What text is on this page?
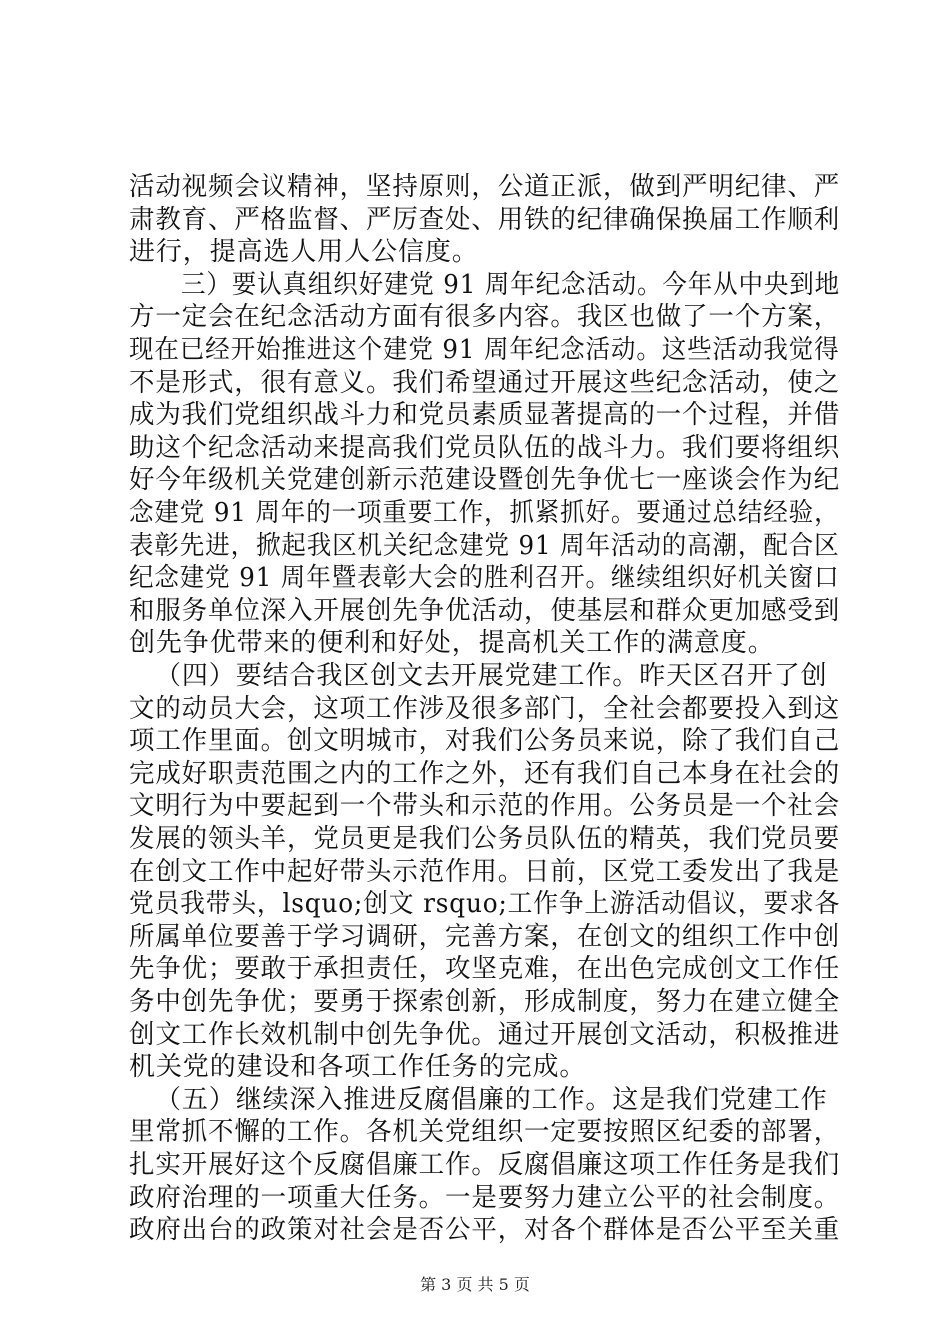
活动视频会议精神，坚持原则，公道正派，做到严明纪律、严
肃教育、严格监督、严厉查处、用铁的纪律确保换届工作顺利
进行，提高选人用人公信度。
三）要认真组织好建党 91 周年纪念活动。今年从中央到地
方一定会在纪念活动方面有很多内容。我区也做了一个方案，
现在已经开始推进这个建党 91 周年纪念活动。这些活动我觉得
不是形式，很有意义。我们希望通过开展这些纪念活动，使之
成为我们党组织战斗力和党员素质显著提高的一个过程，并借
助这个纪念活动来提高我们党员队伍的战斗力。我们要将组织
好今年级机关党建创新示范建设暨创先争优七一座谈会作为纪
念建党 91 周年的一项重要工作，抓紧抓好。要通过总结经验，
表彰先进，掀起我区机关纪念建党 91 周年活动的高潮，配合区
纪念建党 91 周年暨表彰大会的胜利召开。继续组织好机关窗口
和服务单位深入开展创先争优活动，使基层和群众更加感受到
创先争优带来的便利和好处，提高机关工作的满意度。
（四）要结合我区创文去开展党建工作。昨天区召开了创
文的动员大会，这项工作涉及很多部门，全社会都要投入到这
项工作里面。创文明城市，对我们公务员来说，除了我们自己
完成好职责范围之内的工作之外，还有我们自己本身在社会的
文明行为中要起到一个带头和示范的作用。公务员是一个社会
发展的领头羊，党员更是我们公务员队伍的精英，我们党员要
在创文工作中起好带头示范作用。日前，区党工委发出了我是
党员我带头，lsquo;创文 rsquo;工作争上游活动倡议，要求各
所属单位要善于学习调研，完善方案，在创文的组织工作中创
先争优；要敢于承担责任，攻坚克难，在出色完成创文工作任
务中创先争优；要勇于探索创新，形成制度，努力在建立健全
创文工作长效机制中创先争优。通过开展创文活动，积极推进
机关党的建设和各项工作任务的完成。
（五）继续深入推进反腐倡廉的工作。这是我们党建工作
里常抓不懈的工作。各机关党组织一定要按照区纪委的部署，
扎实开展好这个反腐倡廉工作。反腐倡廉这项工作任务是我们
政府治理的一项重大任务。一是要努力建立公平的社会制度。
政府出台的政策对社会是否公平，对各个群体是否公平至关重
第 3 页 共 5 页
